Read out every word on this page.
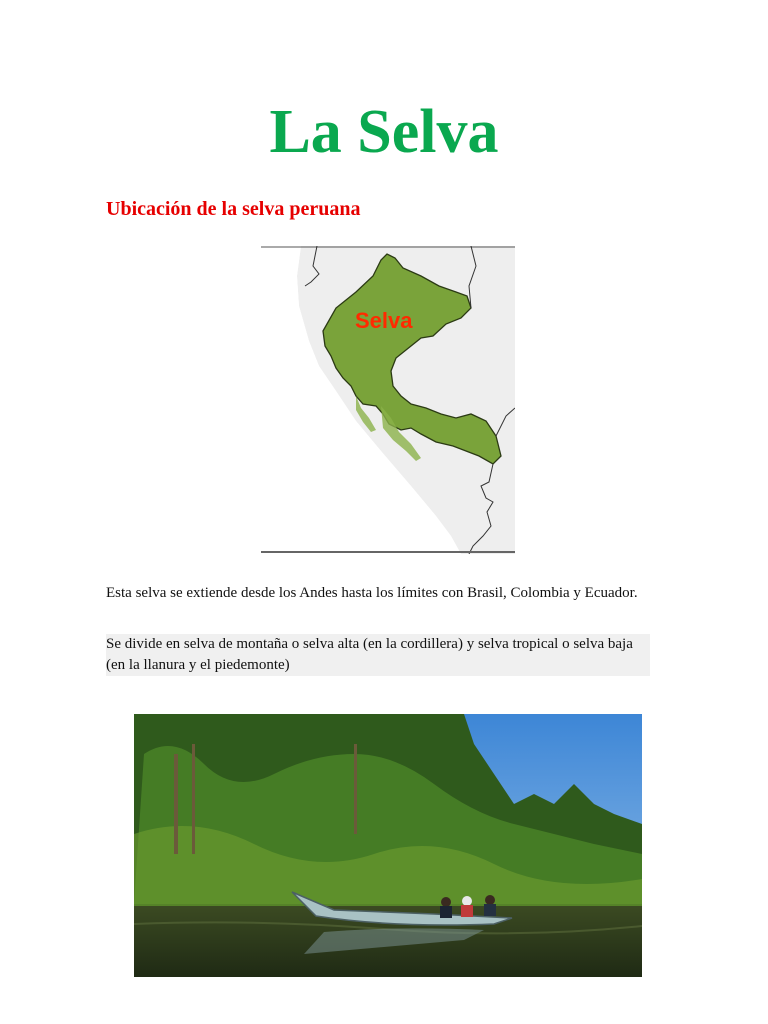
La Selva
Ubicación de la selva peruana
Selva

Esta selva se extiende desde los Andes hasta los límites con Brasil, Colombia y Ecuador.

Se divide en selva de montaña o selva alta (en la cordillera) y selva tropical o selva baja (en la llanura y el piedemonte)
